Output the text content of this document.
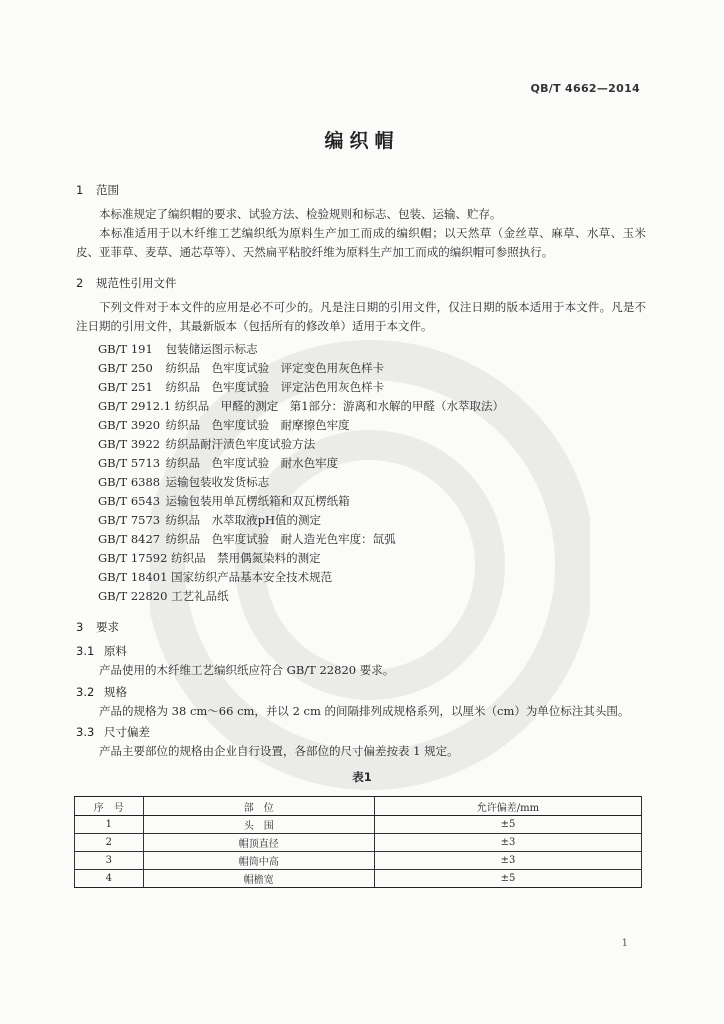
QB/T 4662—2014
编织帽
1 范围
本标准规定了编织帽的要求、试验方法、检验规则和标志、包装、运输、贮存。
本标准适用于以木纤维工艺编织纸为原料生产加工而成的编织帽；以天然草（金丝草、麻草、水草、玉米皮、亚菲草、麦草、通芯草等）、天然扁平粘胶纤维为原料生产加工而成的编织帽可参照执行。
2 规范性引用文件
下列文件对于本文件的应用是必不可少的。凡是注日期的引用文件，仅注日期的版本适用于本文件。凡是不注日期的引用文件，其最新版本（包括所有的修改单）适用于本文件。
GB/T 191 包装储运图示标志
GB/T 250 纺织品　色牢度试验　评定变色用灰色样卡
GB/T 251 纺织品　色牢度试验　评定沾色用灰色样卡
GB/T 2912.1 纺织品　甲醛的测定　第1部分：游离和水解的甲醛（水萃取法）
GB/T 3920 纺织品　色牢度试验　耐摩擦色牢度
GB/T 3922 纺织品耐汗渍色牢度试验方法
GB/T 5713 纺织品　色牢度试验　耐水色牢度
GB/T 6388 运输包装收发货标志
GB/T 6543 运输包装用单瓦楞纸箱和双瓦楞纸箱
GB/T 7573 纺织品　水萃取液pH值的测定
GB/T 8427 纺织品　色牢度试验　耐人造光色牢度：氙弧
GB/T 17592 纺织品　禁用偶氮染料的测定
GB/T 18401 国家纺织产品基本安全技术规范
GB/T 22820 工艺礼品纸
3 要求
3.1 原料
产品使用的木纤维工艺编织纸应符合 GB/T 22820 要求。
3.2 规格
产品的规格为 38 cm～66 cm，并以 2 cm 的间隔排列成规格系列，以厘米（cm）为单位标注其头围。
3.3 尺寸偏差
产品主要部位的规格由企业自行设置，各部位的尺寸偏差按表 1 规定。
表1
序　号	部　位	允许偏差/mm
1	头　围	±5
2	帽顶直径	±3
3	帽筒中高	±3
4	帽檐宽	±5
1
